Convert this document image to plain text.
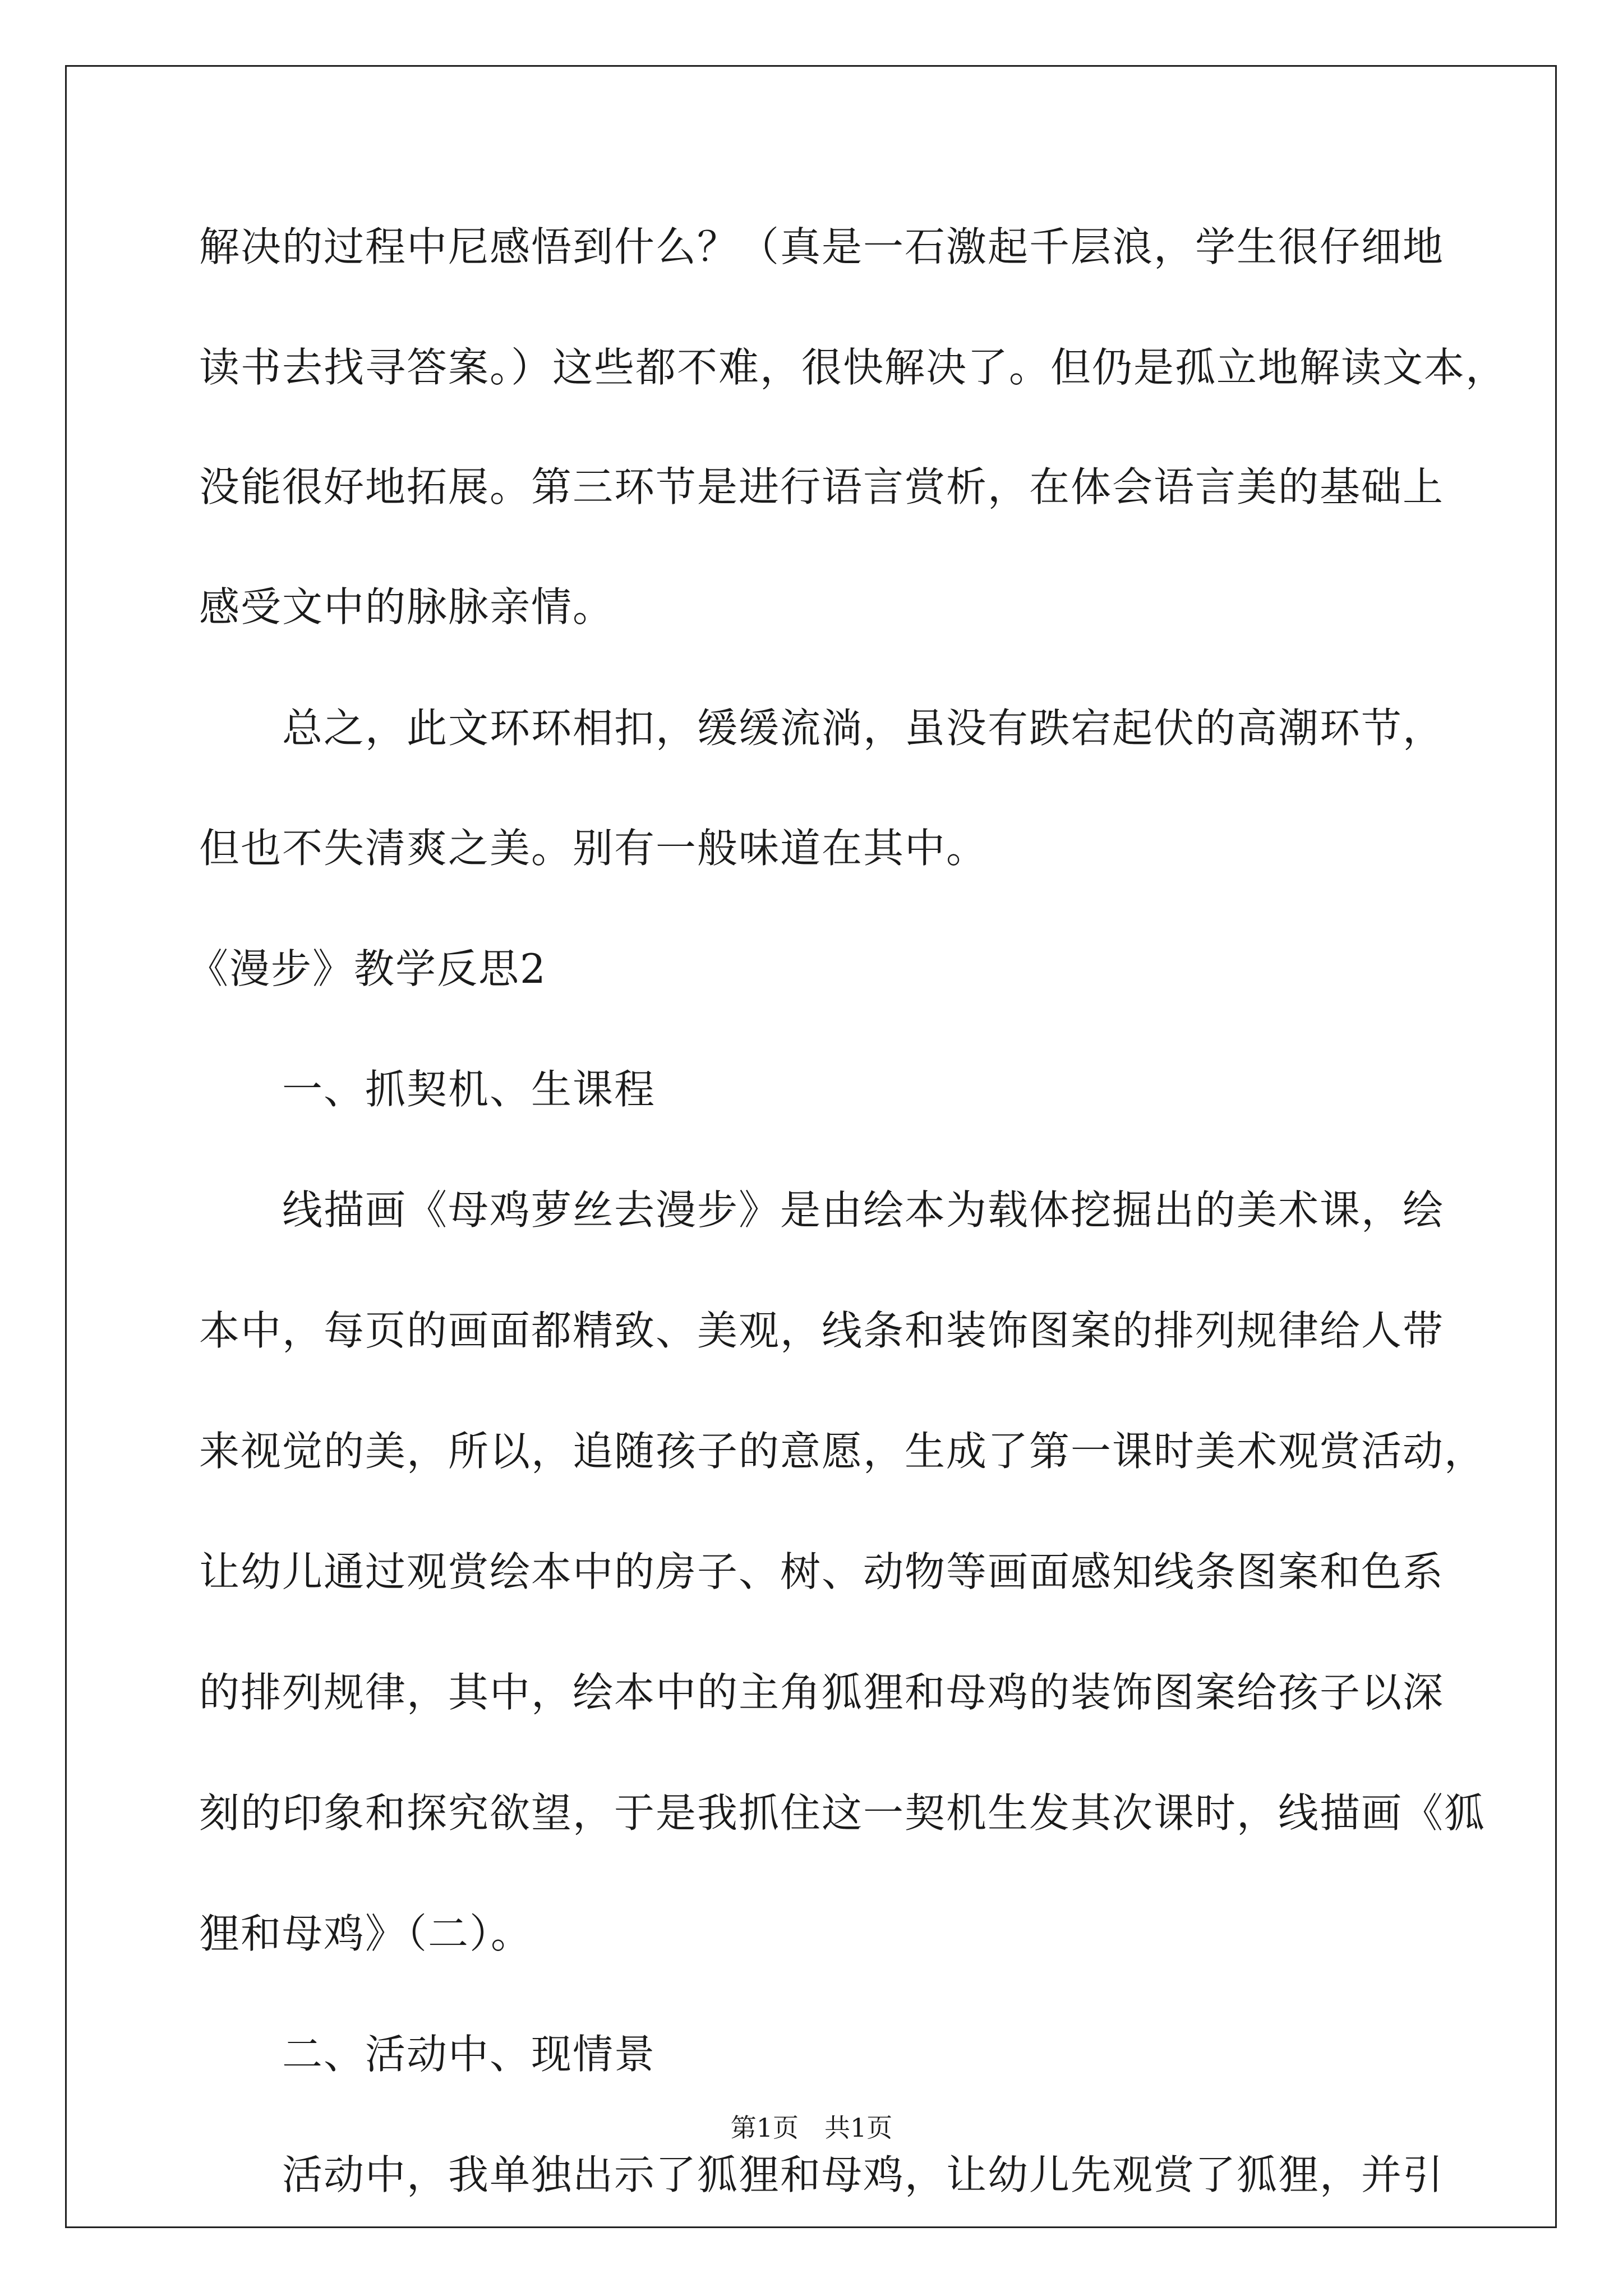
解决的过程中尼感悟到什么？（真是一石激起千层浪，学生很仔细地
读书去找寻答案。）这些都不难，很快解决了。但仍是孤立地解读文本，
没能很好地拓展。第三环节是进行语言赏析，在体会语言美的基础上
感受文中的脉脉亲情。
　　总之，此文环环相扣，缓缓流淌，虽没有跌宕起伏的高潮环节，
但也不失清爽之美。别有一般味道在其中。
《漫步》教学反思2
　　一、抓契机、生课程
　　线描画《母鸡萝丝去漫步》是由绘本为载体挖掘出的美术课，绘
本中，每页的画面都精致、美观，线条和装饰图案的排列规律给人带
来视觉的美，所以，追随孩子的意愿，生成了第一课时美术观赏活动，
让幼儿通过观赏绘本中的房子、树、动物等画面感知线条图案和色系
的排列规律，其中，绘本中的主角狐狸和母鸡的装饰图案给孩子以深
刻的印象和探究欲望，于是我抓住这一契机生发其次课时，线描画《狐
狸和母鸡》（二）。
　　二、活动中、现情景
　　活动中，我单独出示了狐狸和母鸡，让幼儿先观赏了狐狸，并引
第1页　共1页
